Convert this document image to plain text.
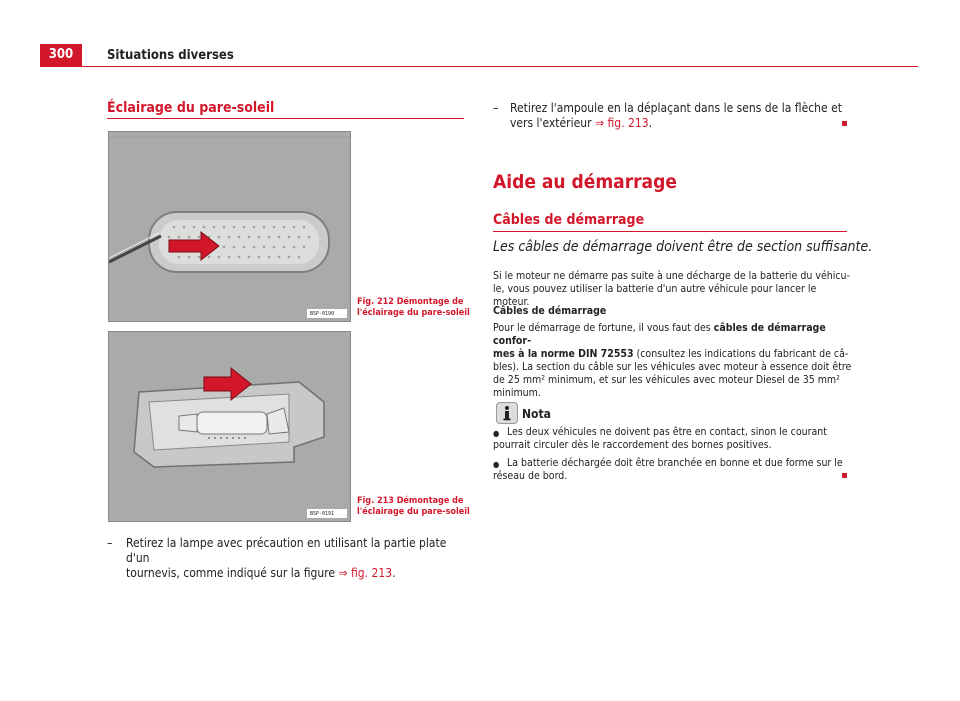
300	Situations diverses
Éclairage du pare-soleil
B5P-0190
Fig. 212 Démontage de
l'éclairage du pare-soleil
B5P-0191
Fig. 213 Démontage de
l'éclairage du pare-soleil
– Retirez la lampe avec précaution en utilisant la partie plate d'un
tournevis, comme indiqué sur la figure ⇒ fig. 213.
– Retirez l'ampoule en la déplaçant dans le sens de la flèche et
vers l'extérieur ⇒ fig. 213.
Aide au démarrage
Câbles de démarrage
Les câbles de démarrage doivent être de section suffisante.
Si le moteur ne démarre pas suite à une décharge de la batterie du véhicu-
le, vous pouvez utiliser la batterie d'un autre véhicule pour lancer le moteur.
Câbles de démarrage
Pour le démarrage de fortune, il vous faut des câbles de démarrage confor-
mes à la norme DIN 72553 (consultez les indications du fabricant de câ-
bles). La section du câble sur les véhicules avec moteur à essence doit être
de 25 mm² minimum, et sur les véhicules avec moteur Diesel de 35 mm²
minimum.
Nota
● Les deux véhicules ne doivent pas être en contact, sinon le courant
pourrait circuler dès le raccordement des bornes positives.
● La batterie déchargée doit être branchée en bonne et due forme sur le
réseau de bord.
